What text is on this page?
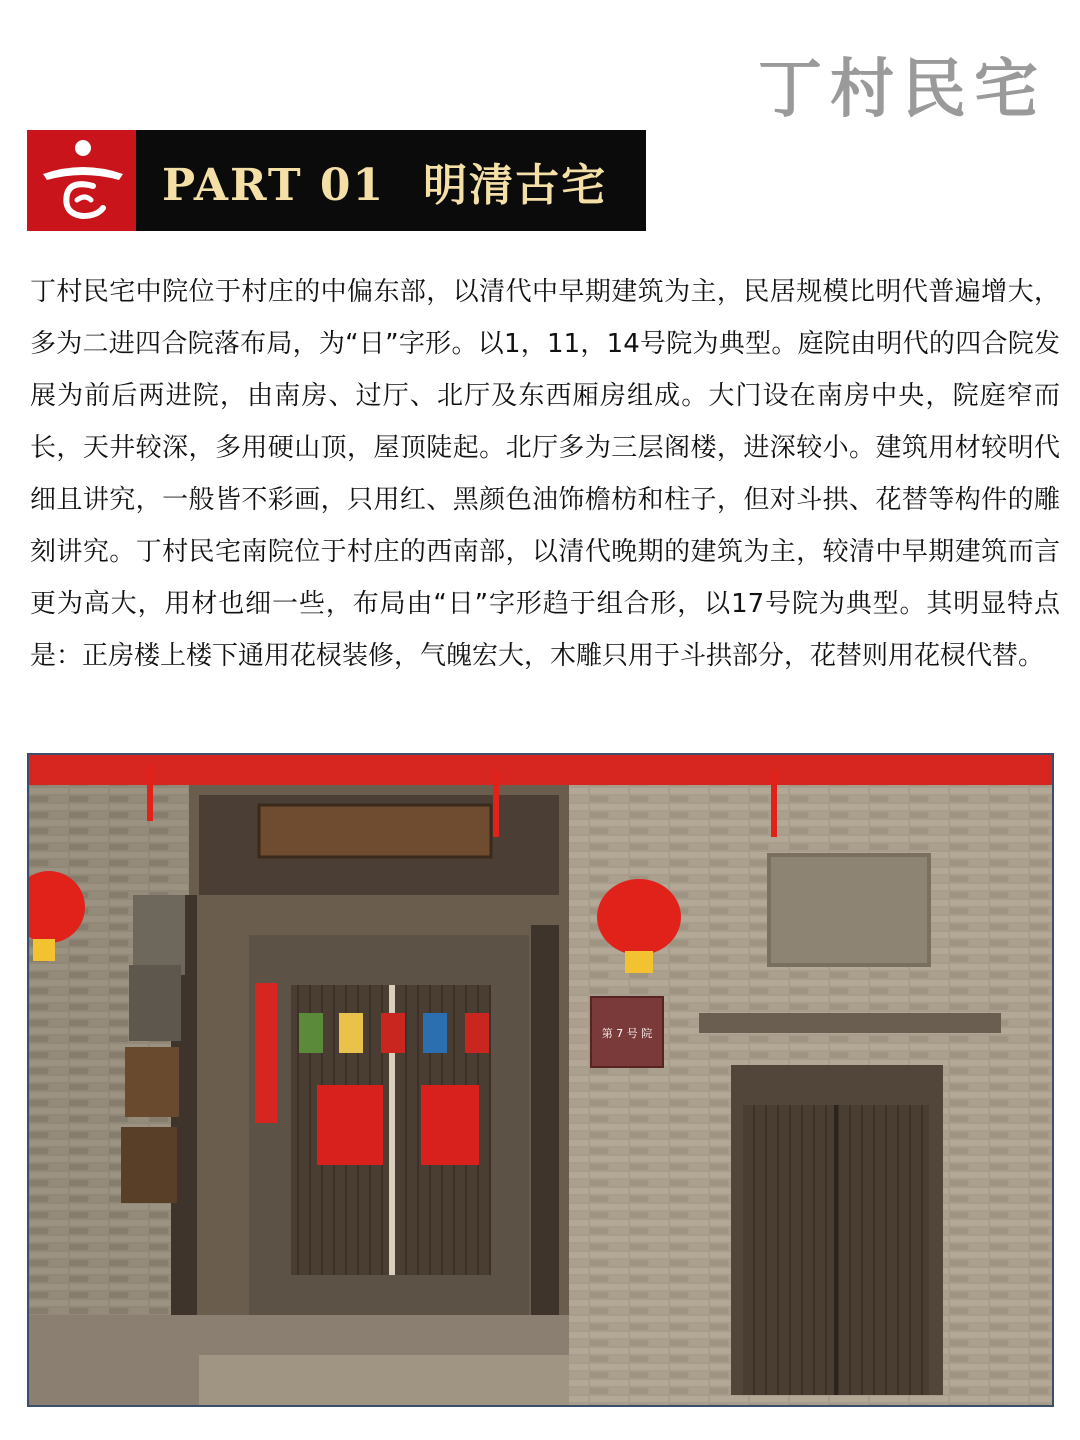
丁村民宅
PART 01 明清古宅
丁村民宅中院位于村庄的中偏东部，以清代中早期建筑为主，民居规模比明代普遍增大，多为二进四合院落布局，为“日”字形。以1，11，14号院为典型。庭院由明代的四合院发展为前后两进院，由南房、过厅、北厅及东西厢房组成。大门设在南房中央，院庭窄而长，天井较深，多用硬山顶，屋顶陡起。北厅多为三层阁楼，进深较小。建筑用材较明代细且讲究，一般皆不彩画，只用红、黑颜色油饰檐枋和柱子，但对斗拱、花替等构件的雕刻讲究。丁村民宅南院位于村庄的西南部，以清代晚期的建筑为主，较清中早期建筑而言更为高大，用材也细一些，布局由“日”字形趋于组合形，以17号院为典型。其明显特点是：正房楼上楼下通用花棂装修，气魄宏大，木雕只用于斗拱部分，花替则用花棂代替。
第 7 号 院
